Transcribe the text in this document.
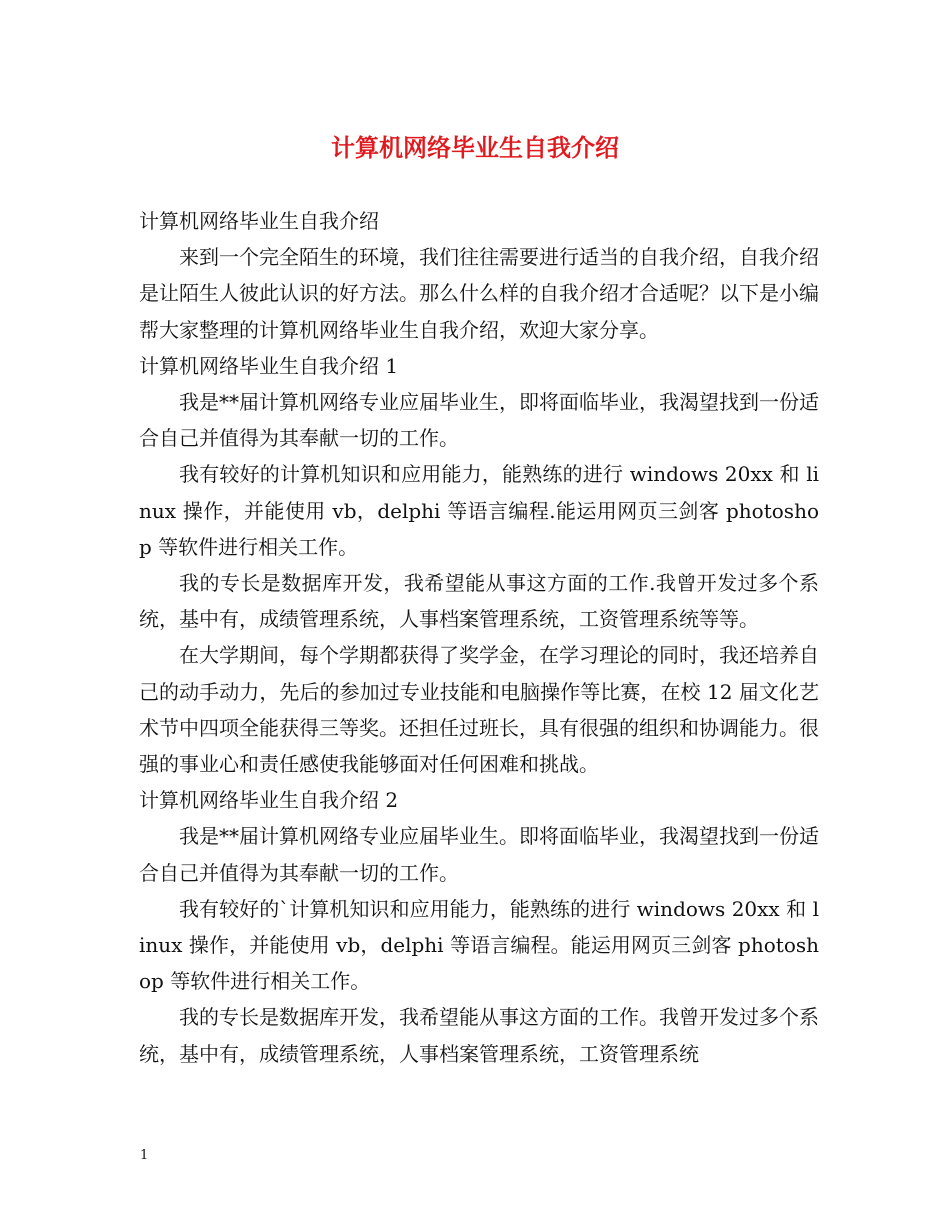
计算机网络毕业生自我介绍

计算机网络毕业生自我介绍

来到一个完全陌生的环境，我们往往需要进行适当的自我介绍，自我介绍是让陌生人彼此认识的好方法。那么什么样的自我介绍才合适呢？以下是小编帮大家整理的计算机网络毕业生自我介绍，欢迎大家分享。

计算机网络毕业生自我介绍 1

我是**届计算机网络专业应届毕业生，即将面临毕业，我渴望找到一份适合自己并值得为其奉献一切的工作。

我有较好的计算机知识和应用能力，能熟练的进行 windows 20xx 和 linux 操作，并能使用 vb，delphi 等语言编程.能运用网页三剑客 photoshop 等软件进行相关工作。

我的专长是数据库开发，我希望能从事这方面的工作.我曾开发过多个系统，基中有，成绩管理系统，人事档案管理系统，工资管理系统等等。

在大学期间，每个学期都获得了奖学金，在学习理论的同时，我还培养自己的动手动力，先后的参加过专业技能和电脑操作等比赛，在校 12 届文化艺术节中四项全能获得三等奖。还担任过班长，具有很强的组织和协调能力。很强的事业心和责任感使我能够面对任何困难和挑战。

计算机网络毕业生自我介绍 2

我是**届计算机网络专业应届毕业生。即将面临毕业，我渴望找到一份适合自己并值得为其奉献一切的工作。

我有较好的`计算机知识和应用能力，能熟练的进行 windows 20xx 和 linux 操作，并能使用 vb，delphi 等语言编程。能运用网页三剑客 photoshop 等软件进行相关工作。

我的专长是数据库开发，我希望能从事这方面的工作。我曾开发过多个系统，基中有，成绩管理系统，人事档案管理系统，工资管理系统

1
